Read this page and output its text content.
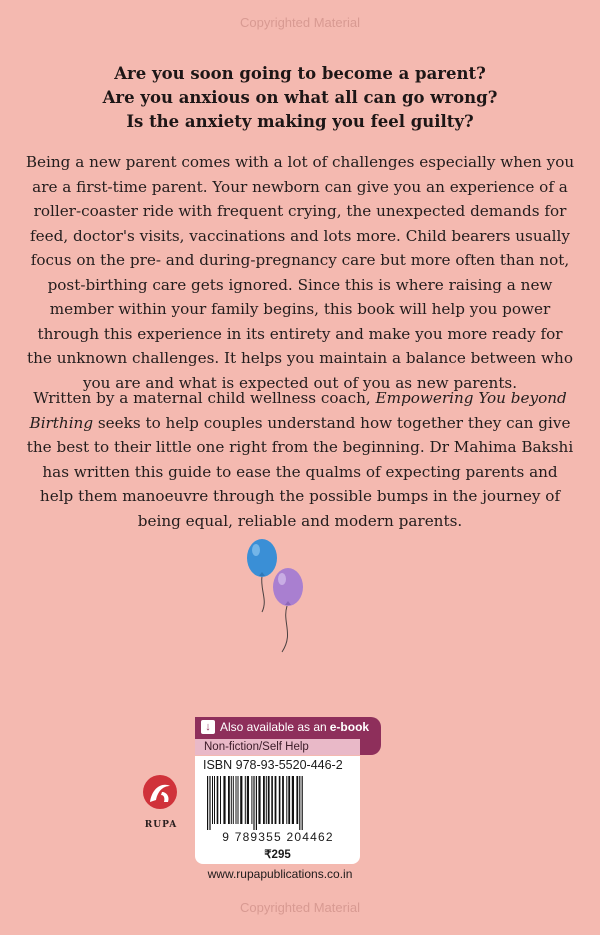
Copyrighted Material
Are you soon going to become a parent?
Are you anxious on what all can go wrong?
Is the anxiety making you feel guilty?
Being a new parent comes with a lot of challenges especially when you are a first-time parent. Your newborn can give you an experience of a roller-coaster ride with frequent crying, the unexpected demands for feed, doctor's visits, vaccinations and lots more. Child bearers usually focus on the pre- and during-pregnancy care but more often than not, post-birthing care gets ignored. Since this is where raising a new member within your family begins, this book will help you power through this experience in its entirety and make you more ready for the unknown challenges. It helps you maintain a balance between who you are and what is expected out of you as new parents.
Written by a maternal child wellness coach, Empowering You beyond Birthing seeks to help couples understand how together they can give the best to their little one right from the beginning. Dr Mahima Bakshi has written this guide to ease the qualms of expecting parents and help them manoeuvre through the possible bumps in the journey of being equal, reliable and modern parents.
↓ Also available as an e-book
Non-fiction/Self Help
ISBN 978-93-5520-446-2
9 789355 204462
₹295
RUPA
www.rupapublications.co.in
Copyrighted Material
